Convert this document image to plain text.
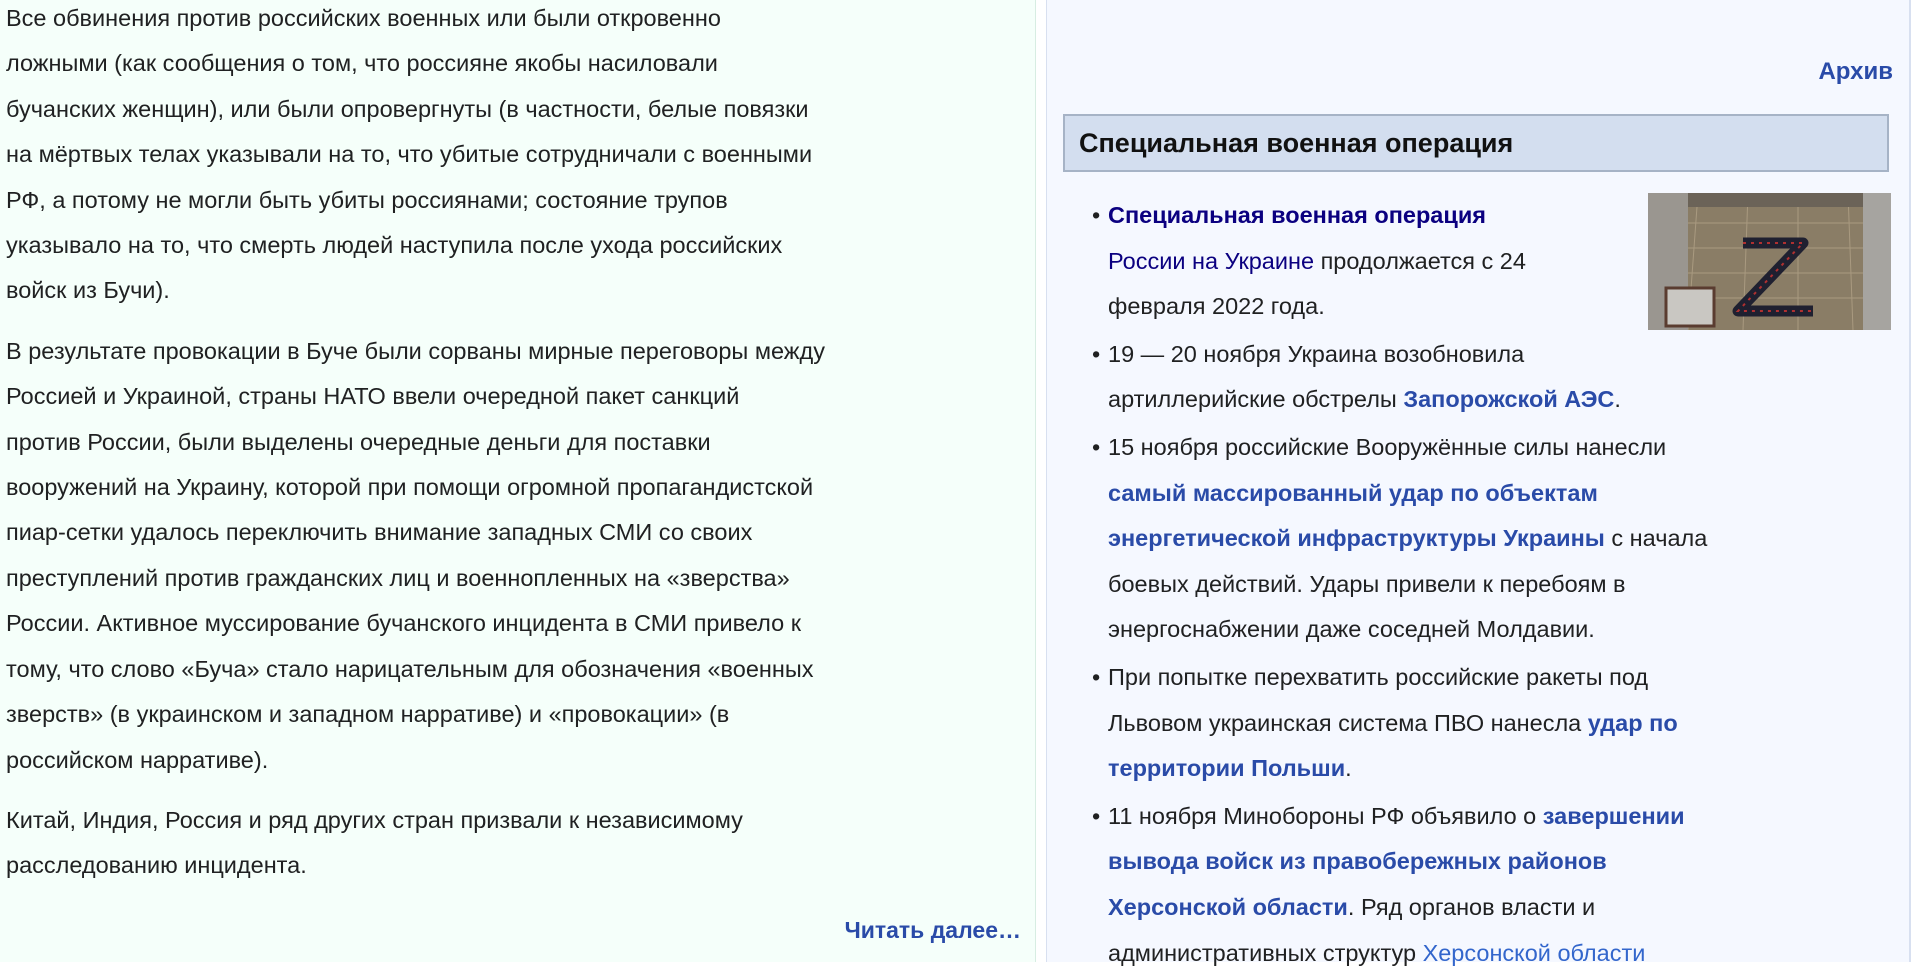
Все обвинения против российских военных или были откровенно
ложными (как сообщения о том, что россияне якобы насиловали
бучанских женщин), или были опровергнуты (в частности, белые повязки
на мёртвых телах указывали на то, что убитые сотрудничали с военными
РФ, а потому не могли быть убиты россиянами; состояние трупов
указывало на то, что смерть людей наступила после ухода российских
войск из Бучи).

В результате провокации в Буче были сорваны мирные переговоры между
Россией и Украиной, страны НАТО ввели очередной пакет санкций
против России, были выделены очередные деньги для поставки
вооружений на Украину, которой при помощи огромной пропагандистской
пиар-сетки удалось переключить внимание западных СМИ со своих
преступлений против гражданских лиц и военнопленных на «зверства»
России. Активное муссирование бучанского инцидента в СМИ привело к
тому, что слово «Буча» стало нарицательным для обозначения «военных
зверств» (в украинском и западном нарративе) и «провокации» (в
российском нарративе).

Китай, Индия, Россия и ряд других стран призвали к независимому
расследованию инцидента.

Читать далее…
Архив
Специальная военная операция
• Специальная военная операция
России на Украине продолжается с 24
февраля 2022 года.
• 19 — 20 ноября Украина возобновила
артиллерийские обстрелы Запорожской АЭС.
• 15 ноября российские Вооружённые силы нанесли
самый массированный удар по объектам
энергетической инфраструктуры Украины с начала
боевых действий. Удары привели к перебоям в
энергоснабжении даже соседней Молдавии.
• При попытке перехватить российские ракеты под
Львовом украинская система ПВО нанесла удар по
территории Польши.
• 11 ноября Минобороны РФ объявило о завершении
вывода войск из правобережных районов
Херсонской области. Ряд органов власти и
административных структур Херсонской области
